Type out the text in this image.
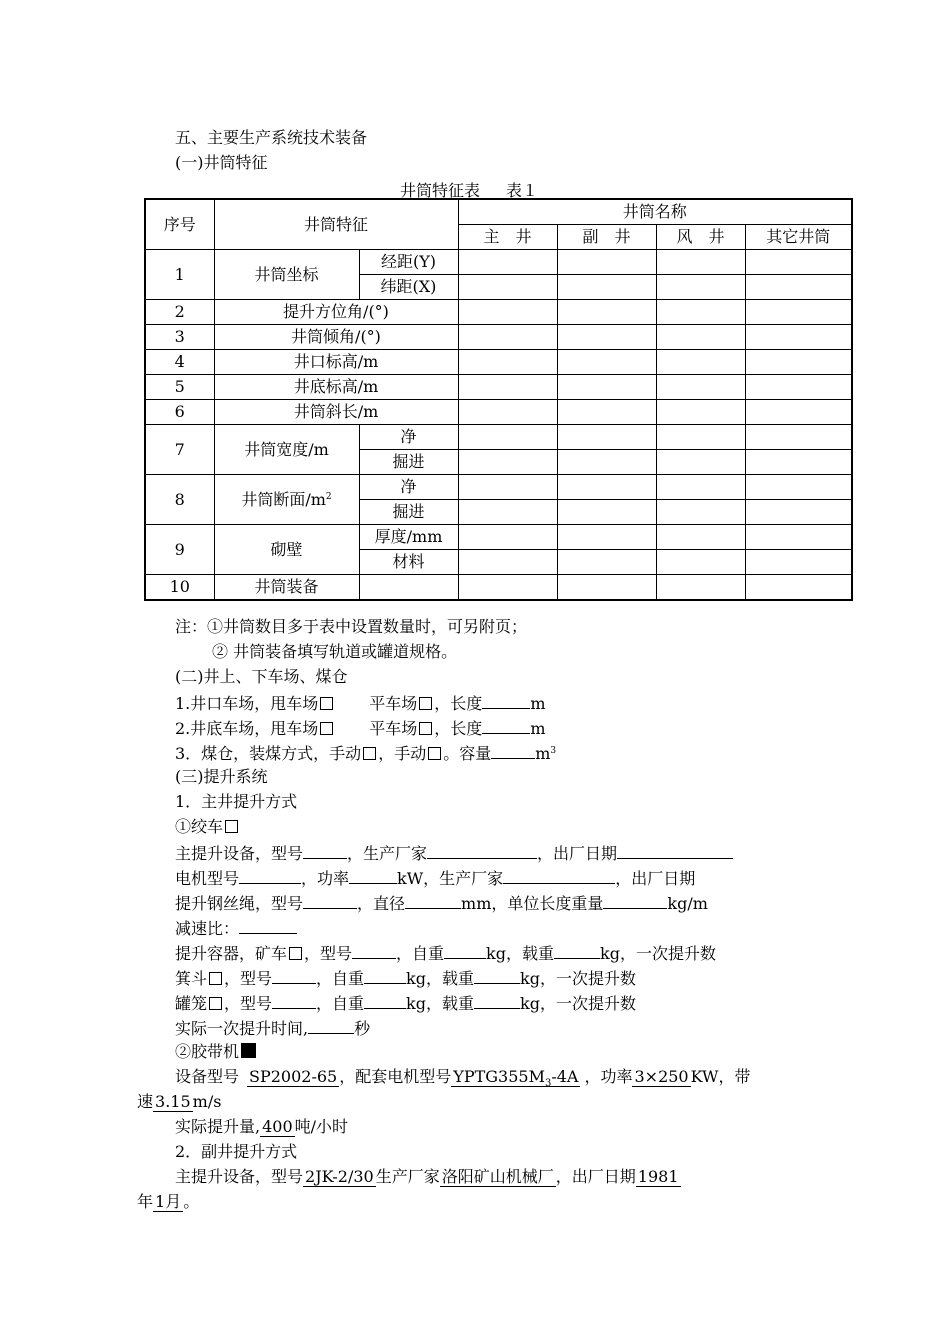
五、主要生产系统技术装备
(一)井筒特征
井筒特征表 表１
序号	井筒特征		井筒名称			
			主　井	副　井	风　井	其它井筒
1	井筒坐标	经距(Y)				
		纬距(X)				
2	提升方位角/(°)					
3	井筒倾角/(°)					
4	井口标高/m					
5	井底标高/m					
6	井筒斜长/m					
7	井筒宽度/m	净				
		掘进				
8	井筒断面$/m^2$	净				
		掘进				
9	砌壁	厚度/mm				
		材料				
10	井筒装备					
注：①井筒数目多于表中设置数量时，可另附页；
② 井筒装备填写轨道或罐道规格。
(二)井上、下车场、煤仓
1.井口车场，甩车场	平车场 ，长度	m
2.井底车场，甩车场	平车场 ，长度	m
3．煤仓，装煤方式，手动 ，手动 。容量	$m^3$
(三)提升系统
1．主井提升方式
①绞车
主提升设备，型号	，生产厂家	，出厂日期
电机型号	，功率	kW，生产厂家	，出厂日期
提升钢丝绳，型号	，直径	mm，单位长度重量	kg/m
减速比：
提升容器，矿车 ，型号	，自重	kg，载重	kg，一次提升数
箕斗 ，型号	，自重	kg，载重	kg，一次提升数
罐笼 ，型号	，自重	kg，载重	kg，一次提升数
实际一次提升时间,	秒
②胶带机
设备型号 SP2002-65 ，配套电机型号 $YPTG355M_3-4A$ ，功率 3×250 KW，带
速 3.15 m/s
实际提升量, 400 吨/小时
2．副井提升方式
主提升设备，型号 2JK-2/30 生产厂家 洛阳矿山机械厂 ，出厂日期 1981
年 1月 。
